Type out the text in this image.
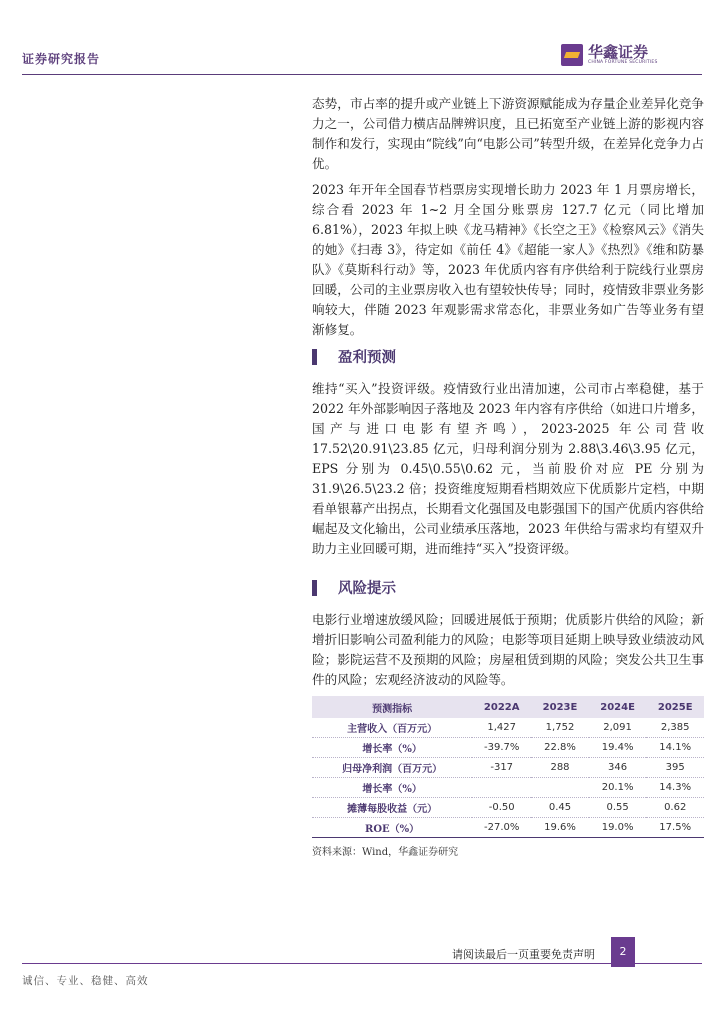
证券研究报告	华鑫证券
CHINA FORTUNE SECURITIES

态势，市占率的提升或产业链上下游资源赋能成为存量企业差异化竞争力之一，公司借力横店品牌辨识度，且已拓宽至产业链上游的影视内容制作和发行，实现由“院线”向“电影公司”转型升级，在差异化竞争力占优。

2023 年开年全国春节档票房实现增长助力 2023 年 1 月票房增长，综合看 2023 年 1~2 月全国分账票房 127.7 亿元（同比增加 6.81%），2023 年拟上映《龙马精神》《长空之王》《检察风云》《消失的她》《扫毒 3》，待定如《前任 4》《超能一家人》《热烈》《维和防暴队》《莫斯科行动》等，2023 年优质内容有序供给利于院线行业票房回暖，公司的主业票房收入也有望较快传导；同时，疫情致非票业务影响较大，伴随 2023 年观影需求常态化，非票业务如广告等业务有望渐修复。

盈利预测

维持“买入”投资评级。疫情致行业出清加速，公司市占率稳健，基于 2022 年外部影响因子落地及 2023 年内容有序供给（如进口片增多，国产与进口电影有望齐鸣），2023-2025 年公司营收 17.52\20.91\23.85 亿元，归母利润分别为 2.88\3.46\3.95 亿元，EPS 分别为 0.45\0.55\0.62 元，当前股价对应 PE 分别为 31.9\26.5\23.2 倍；投资维度短期看档期效应下优质影片定档，中期看单银幕产出拐点，长期看文化强国及电影强国下的国产优质内容供给崛起及文化输出，公司业绩承压落地，2023 年供给与需求均有望双升助力主业回暖可期，进而维持“买入”投资评级。

风险提示

电影行业增速放缓风险；回暖进展低于预期；优质影片供给的风险；新增折旧影响公司盈利能力的风险；电影等项目延期上映导致业绩波动风险；影院运营不及预期的风险；房屋租赁到期的风险；突发公共卫生事件的风险；宏观经济波动的风险等。

预测指标	2022A	2023E	2024E	2025E
主营收入（百万元）	1,427	1,752	2,091	2,385
增长率（%）	-39.7%	22.8%	19.4%	14.1%
归母净利润（百万元）	-317	288	346	395
增长率（%）			20.1%	14.3%
摊薄每股收益（元）	-0.50	0.45	0.55	0.62
ROE（%）	-27.0%	19.6%	19.0%	17.5%
资料来源：Wind，华鑫证券研究
请阅读最后一页重要免责声明	2
诚信、专业、稳健、高效
